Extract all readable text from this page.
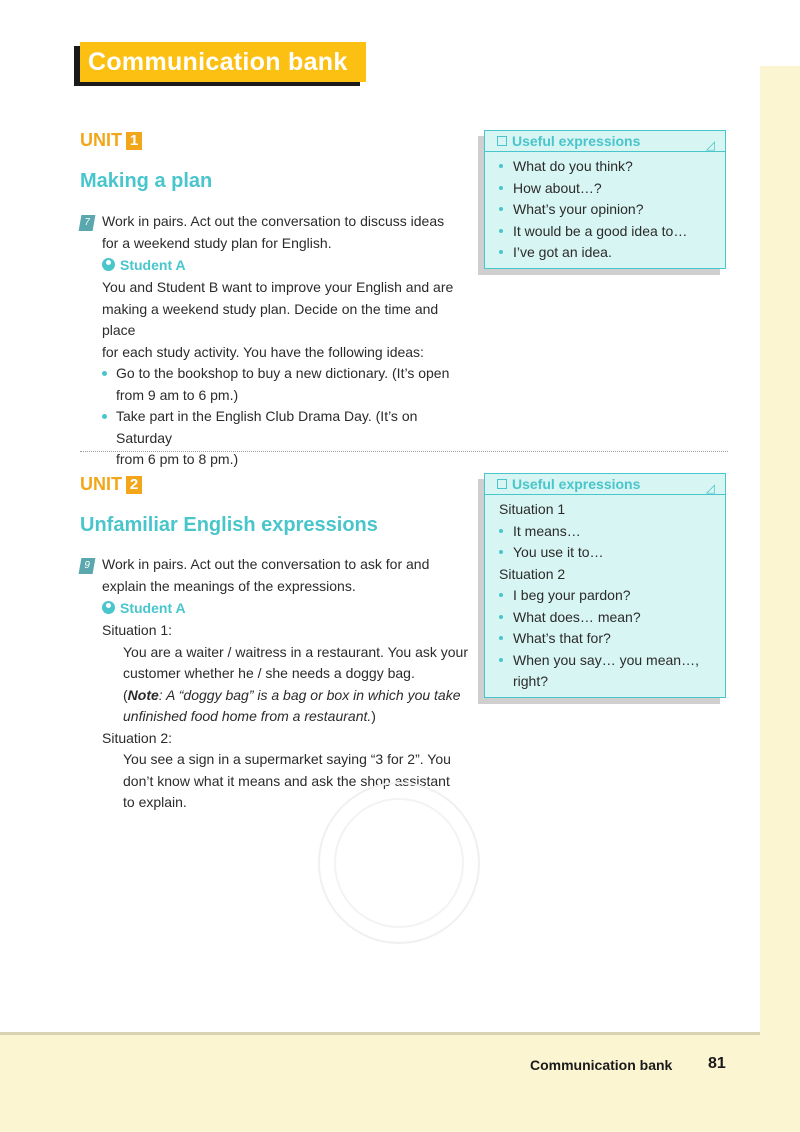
Communication bank
UNIT 1
Making a plan
7 Work in pairs. Act out the conversation to discuss ideas

for a weekend study plan for English.

Student A

You and Student B want to improve your English and are

making a weekend study plan. Decide on the time and place

for each study activity. You have the following ideas:

Go to the bookshop to buy a new dictionary. (It’s open
from 9 am to 6 pm.)
Take part in the English Club Drama Day. (It’s on Saturday
from 6 pm to 8 pm.)
Useful expressions	◿
What do you think?
How about…?
What’s your opinion?
It would be a good idea to…
I’ve got an idea.
UNIT 2
Unfamiliar English expressions
9 Work in pairs. Act out the conversation to ask for and

explain the meanings of the expressions.

Student A

Situation 1:

You are a waiter / waitress in a restaurant. You ask your

customer whether he / she needs a doggy bag.

(Note: A “doggy bag” is a bag or box in which you take

unfinished food home from a restaurant.)

Situation 2:

You see a sign in a supermarket saying “3 for 2”. You

don’t know what it means and ask the shop assistant

to explain.

Useful expressions	◿
Situation 1
It means…
You use it to…
Situation 2
I beg your pardon?
What does… mean?
What’s that for?
When you say… you mean…,
right?
Communication bank 81
